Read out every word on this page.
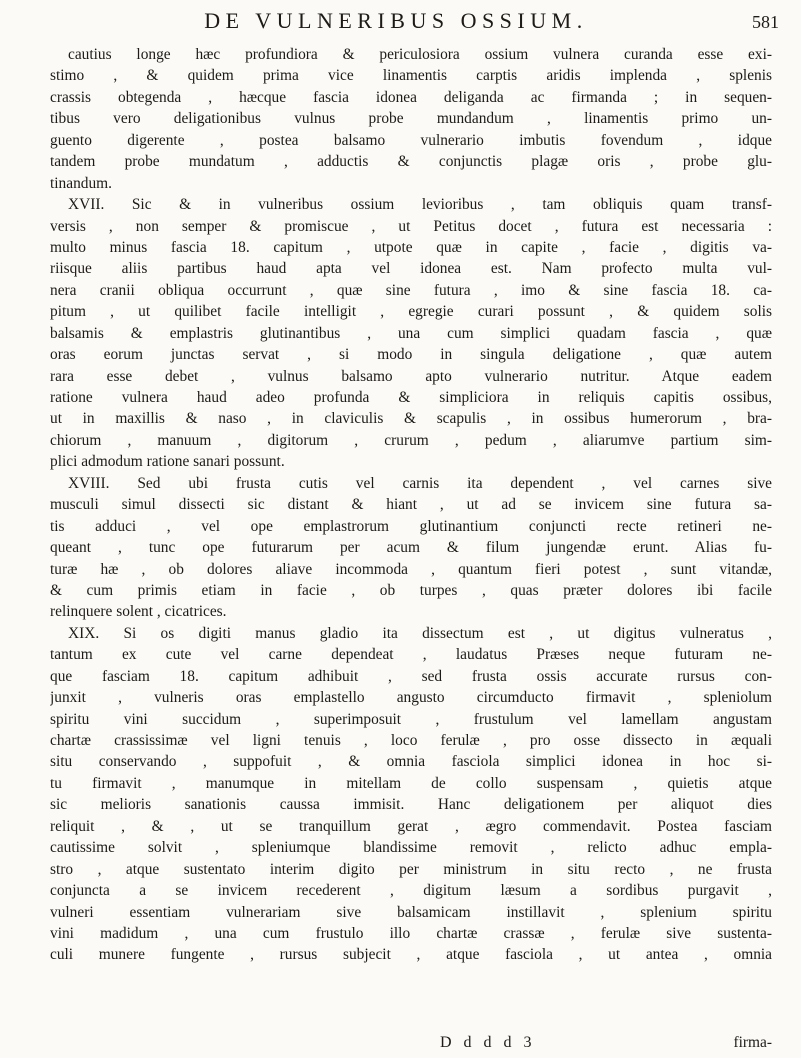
DE VULNERIBUS OSSIUM.	581
cautius longe hæc profundiora & periculosiora ossium vulnera curanda esse exi-
stimo , & quidem prima vice linamentis carptis aridis implenda , splenis
crassis obtegenda , hæcque fascia idonea deliganda ac firmanda ; in sequen-
tibus vero deligationibus vulnus probe mundandum , linamentis primo un-
guento digerente , postea balsamo vulnerario imbutis fovendum , idque
tandem probe mundatum , adductis & conjunctis plagæ oris , probe glu-
tinandum.
XVII. Sic & in vulneribus ossium levioribus , tam obliquis quam transf-
versis , non semper & promiscue , ut Petitus docet , futura est necessaria :
multo minus fascia 18. capitum , utpote quæ in capite , facie , digitis va-
riisque aliis partibus haud apta vel idonea est. Nam profecto multa vul-
nera cranii obliqua occurrunt , quæ sine futura , imo & sine fascia 18. ca-
pitum , ut quilibet facile intelligit , egregie curari possunt , & quidem solis
balsamis & emplastris glutinantibus , una cum simplici quadam fascia , quæ
oras eorum junctas servat , si modo in singula deligatione , quæ autem
rara esse debet , vulnus balsamo apto vulnerario nutritur. Atque eadem
ratione vulnera haud adeo profunda & simpliciora in reliquis capitis ossibus,
ut in maxillis & naso , in claviculis & scapulis , in ossibus humerorum , bra-
chiorum , manuum , digitorum , crurum , pedum , aliarumve partium sim-
plici admodum ratione sanari possunt.
XVIII. Sed ubi frusta cutis vel carnis ita dependent , vel carnes sive
musculi simul dissecti sic distant & hiant , ut ad se invicem sine futura sa-
tis adduci , vel ope emplastrorum glutinantium conjuncti recte retineri ne-
queant , tunc ope futurarum per acum & filum jungendæ erunt. Alias fu-
turæ hæ , ob dolores aliave incommoda , quantum fieri potest , sunt vitandæ,
& cum primis etiam in facie , ob turpes , quas præter dolores ibi facile
relinquere solent , cicatrices.
XIX. Si os digiti manus gladio ita dissectum est , ut digitus vulneratus ,
tantum ex cute vel carne dependeat , laudatus Præses neque futuram ne-
que fasciam 18. capitum adhibuit , sed frusta ossis accurate rursus con-
junxit , vulneris oras emplastello angusto circumducto firmavit , spleniolum
spiritu vini succidum , superimposuit , frustulum vel lamellam angustam
chartæ crassissimæ vel ligni tenuis , loco ferulæ , pro osse dissecto in æquali
situ conservando , suppofuit , & omnia fasciola simplici idonea in hoc si-
tu firmavit , manumque in mitellam de collo suspensam , quietis atque
sic melioris sanationis caussa immisit. Hanc deligationem per aliquot dies
reliquit , & , ut se tranquillum gerat , ægro commendavit. Postea fasciam
cautissime solvit , spleniumque blandissime removit , relicto adhuc empla-
stro , atque sustentato interim digito per ministrum in situ recto , ne frusta
conjuncta a se invicem recederent , digitum læsum a sordibus purgavit ,
vulneri essentiam vulnerariam sive balsamicam instillavit , splenium spiritu
vini madidum , una cum frustulo illo chartæ crassæ , ferulæ sive sustenta-
culi munere fungente , rursus subjecit , atque fasciola , ut antea , omnia
D d d d 3	firma-
